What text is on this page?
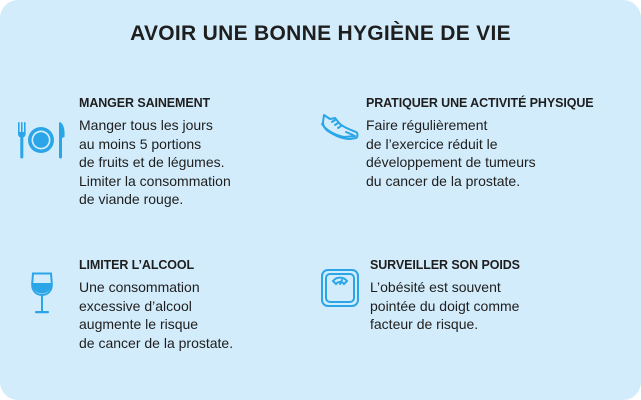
AVOIR UNE BONNE HYGIÈNE DE VIE
MANGER SAINEMENT
Manger tous les jours
au moins 5 portions
de fruits et de légumes.
Limiter la consommation
de viande rouge.
PRATIQUER UNE ACTIVITÉ PHYSIQUE
Faire régulièrement
de l’exercice réduit le
développement de tumeurs
du cancer de la prostate.
LIMITER L’ALCOOL
Une consommation
excessive d’alcool
augmente le risque
de cancer de la prostate.
SURVEILLER SON POIDS
L’obésité est souvent
pointée du doigt comme
facteur de risque.
